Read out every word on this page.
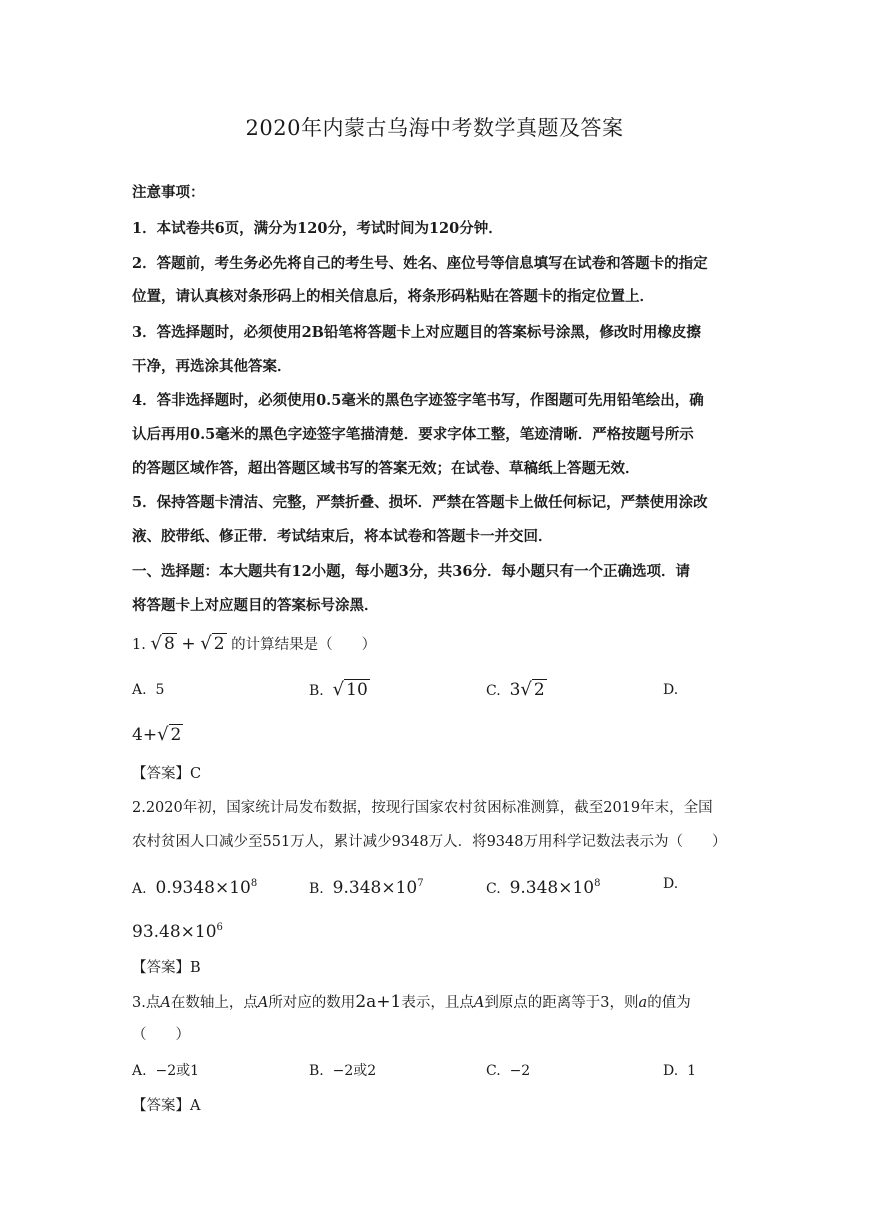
2020年内蒙古乌海中考数学真题及答案
注意事项：
1．本试卷共6页，满分为120分，考试时间为120分钟．
2．答题前，考生务必先将自己的考生号、姓名、座位号等信息填写在试卷和答题卡的指定
位置，请认真核对条形码上的相关信息后，将条形码粘贴在答题卡的指定位置上．
3．答选择题时，必须使用2B铅笔将答题卡上对应题目的答案标号涂黑，修改时用橡皮擦
干净，再选涂其他答案．
4．答非选择题时，必须使用0.5毫米的黑色字迹签字笔书写，作图题可先用铅笔绘出，确
认后再用0.5毫米的黑色字迹签字笔描清楚．要求字体工整，笔迹清晰．严格按题号所示
的答题区域作答，超出答题区域书写的答案无效；在试卷、草稿纸上答题无效．
5．保持答题卡清洁、完整，严禁折叠、损坏．严禁在答题卡上做任何标记，严禁使用涂改
液、胶带纸、修正带．考试结束后，将本试卷和答题卡一并交回．
一、选择题：本大题共有12小题，每小题3分，共36分．每小题只有一个正确选项．请
将答题卡上对应题目的答案标号涂黑．
1. √ 8 + √ 2 的计算结果是（　　）
A. 5	B. √ 10	C. 3√ 2	D.
4+√ 2
【答案】C
2.2020年初，国家统计局发布数据，按现行国家农村贫困标准测算，截至2019年末，全国
农村贫困人口减少至551万人，累计减少9348万人．将9348万用科学记数法表示为（　　）
A. $0.9348\times 10^8$	B. $9.348\times 10^7$	C. $9.348\times 10^8$	D.
$93.48\times 10^6$
【答案】B
3.点A在数轴上，点A所对应的数用2a+1表示，且点A到原点的距离等于3，则a的值为
（　　）
A. −2或1	B. −2或2	C. −2	D. 1
【答案】A
